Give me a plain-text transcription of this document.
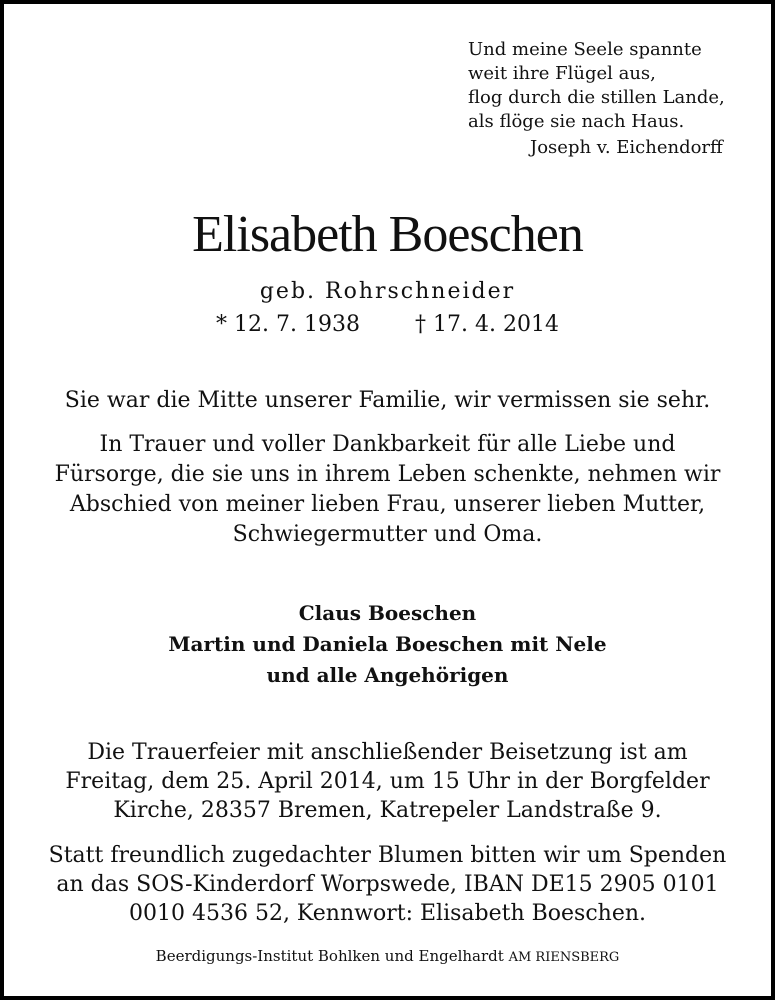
Und meine Seele spannte
weit ihre Flügel aus,
flog durch die stillen Lande,
als flöge sie nach Haus.
Joseph v. Eichendorff
Elisabeth Boeschen
geb. Rohrschneider
* 12. 7. 1938	† 17. 4. 2014
Sie war die Mitte unserer Familie, wir vermissen sie sehr.
In Trauer und voller Dankbarkeit für alle Liebe und
Fürsorge, die sie uns in ihrem Leben schenkte, nehmen wir
Abschied von meiner lieben Frau, unserer lieben Mutter,
Schwiegermutter und Oma.
Claus Boeschen
Martin und Daniela Boeschen mit Nele
und alle Angehörigen
Die Trauerfeier mit anschließender Beisetzung ist am
Freitag, dem 25. April 2014, um 15 Uhr in der Borgfelder
Kirche, 28357 Bremen, Katrepeler Landstraße 9.
Statt freundlich zugedachter Blumen bitten wir um Spenden
an das SOS-Kinderdorf Worpswede, IBAN DE15 2905 0101
0010 4536 52, Kennwort: Elisabeth Boeschen.
Beerdigungs-Institut Bohlken und Engelhardt AM RIENSBERG
